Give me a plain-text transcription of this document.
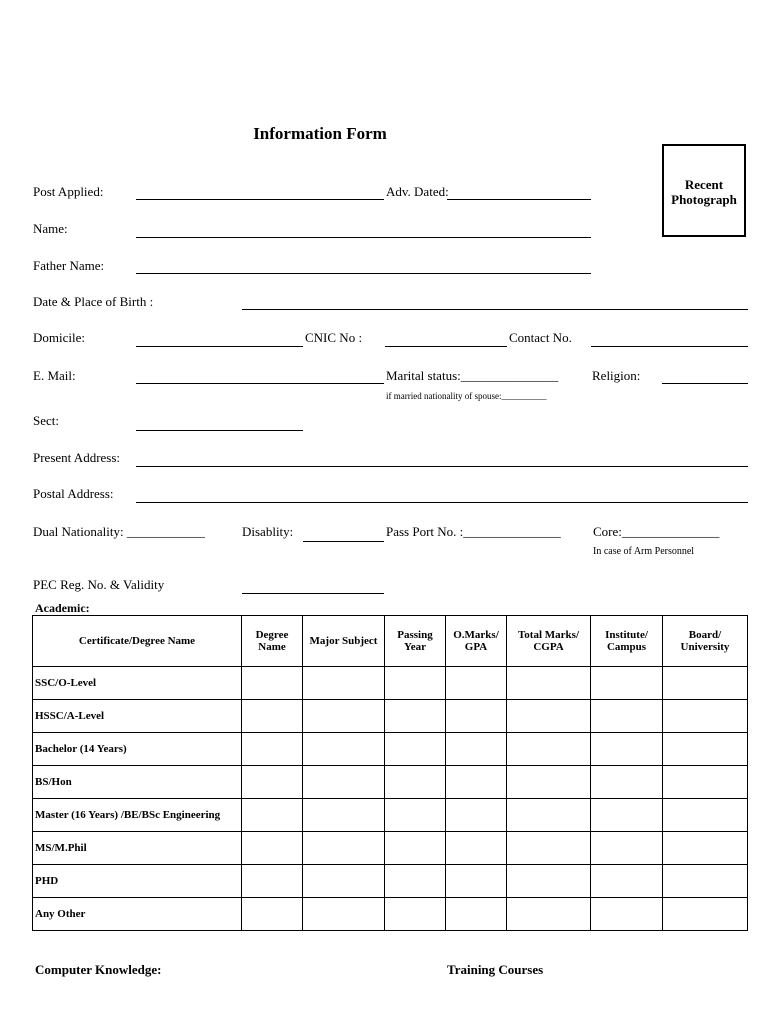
Information Form
Recent
Photograph
Post Applied:	Adv. Dated:
Name:
Father Name:
Date & Place of Birth :
Domicile:	CNIC No :	Contact No.
E. Mail:	Marital status:_______________	Religion:
if married nationality of spouse:__________
Sect:
Present Address:
Postal Address:
Dual Nationality: ____________	Disablity:	Pass Port No. :_______________ Core:_______________
In case of Arm Personnel
PEC Reg. No. & Validity
Academic:
Certificate/Degree Name	Degree Name	Major Subject	Passing Year	O.Marks/ GPA	Total Marks/ CGPA	Institute/ Campus	Board/ University
SSC/O-Level							
HSSC/A-Level							
Bachelor (14 Years)							
BS/Hon							
Master (16 Years) /BE/BSc Engineering							
MS/M.Phil							
PHD							
Any Other							
Computer Knowledge:	Training Courses
